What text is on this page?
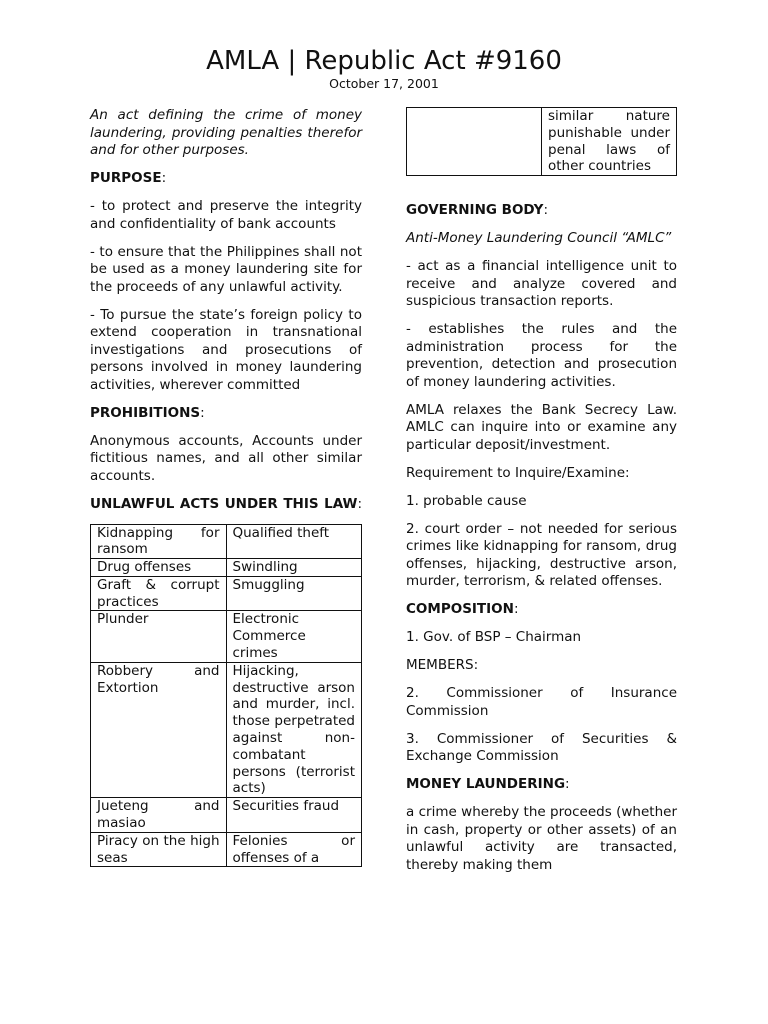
AMLA | Republic Act #9160
October 17, 2001

An act defining the crime of money laundering, providing penalties therefor and for other purposes.

PURPOSE:

- to protect and preserve the integrity and confidentiality of bank accounts

- to ensure that the Philippines shall not be used as a money laundering site for the proceeds of any unlawful activity.

- To pursue the state’s foreign policy to extend cooperation in transnational investigations and prosecutions of persons involved in money laundering activities, wherever committed

PROHIBITIONS:

Anonymous accounts, Accounts under fictitious names, and all other similar accounts.

UNLAWFUL ACTS UNDER THIS LAW:
Kidnapping for ransom	Qualified theft
Drug offenses	Swindling
Graft & corrupt practices	Smuggling
Plunder	Electronic Commerce crimes
Robbery and Extortion	Hijacking, destructive arson and murder, incl. those perpetrated against non-combatant persons (terrorist acts)
Jueteng and masiao	Securities fraud
Piracy on the high seas	Felonies or offenses of a
	similar nature punishable under penal laws of other countries
GOVERNING BODY:

Anti-Money Laundering Council “AMLC”

- act as a financial intelligence unit to receive and analyze covered and suspicious transaction reports.

- establishes the rules and the administration process for the prevention, detection and prosecution of money laundering activities.

AMLA relaxes the Bank Secrecy Law. AMLC can inquire into or examine any particular deposit/investment.

Requirement to Inquire/Examine:

1. probable cause

2. court order – not needed for serious crimes like kidnapping for ransom, drug offenses, hijacking, destructive arson, murder, terrorism, & related offenses.

COMPOSITION:

1. Gov. of BSP – Chairman

MEMBERS:

2. Commissioner of Insurance Commission

3. Commissioner of Securities & Exchange Commission

MONEY LAUNDERING:

a crime whereby the proceeds (whether in cash, property or other assets) of an unlawful activity are transacted, thereby making them
